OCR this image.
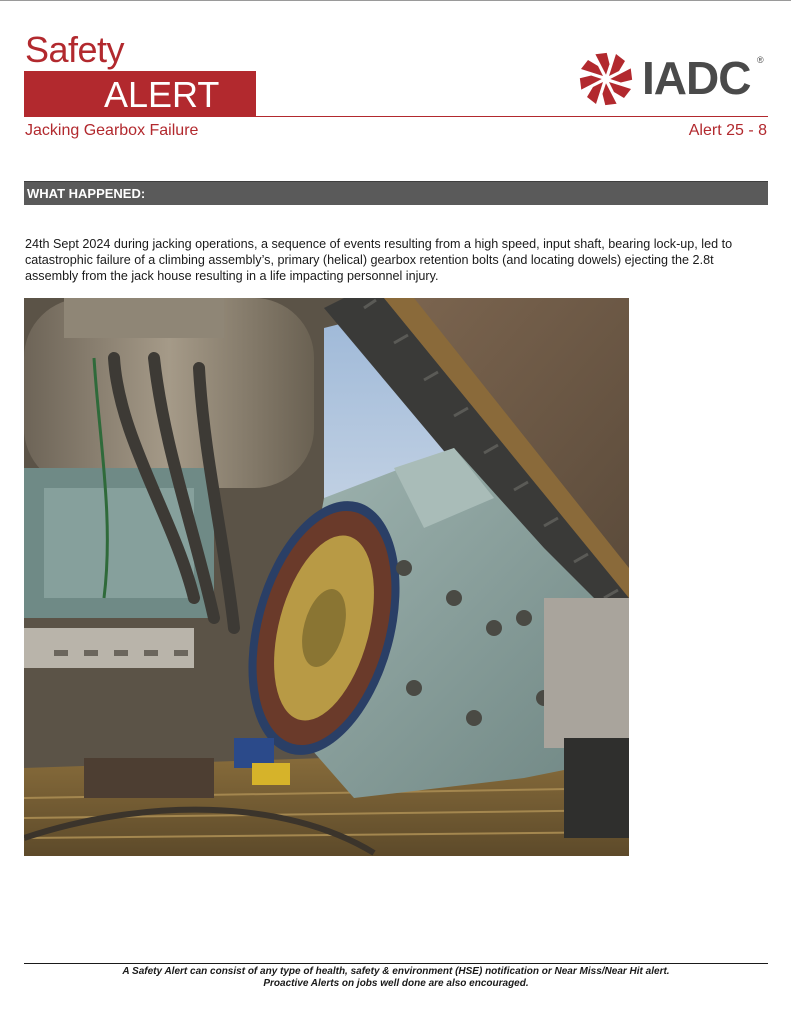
Safety
ALERT	IADC ®
Jacking Gearbox Failure	Alert 25 - 8
WHAT HAPPENED:

24th Sept 2024 during jacking operations, a sequence of events resulting from a high speed, input shaft, bearing lock-up, led to catastrophic failure of a climbing assembly’s, primary (helical) gearbox retention bolts (and locating dowels) ejecting the 2.8t assembly from the jack house resulting in a life impacting personnel injury.

A Safety Alert can consist of any type of health, safety & environment (HSE) notification or Near Miss/Near Hit alert.
Proactive Alerts on jobs well done are also encouraged.
